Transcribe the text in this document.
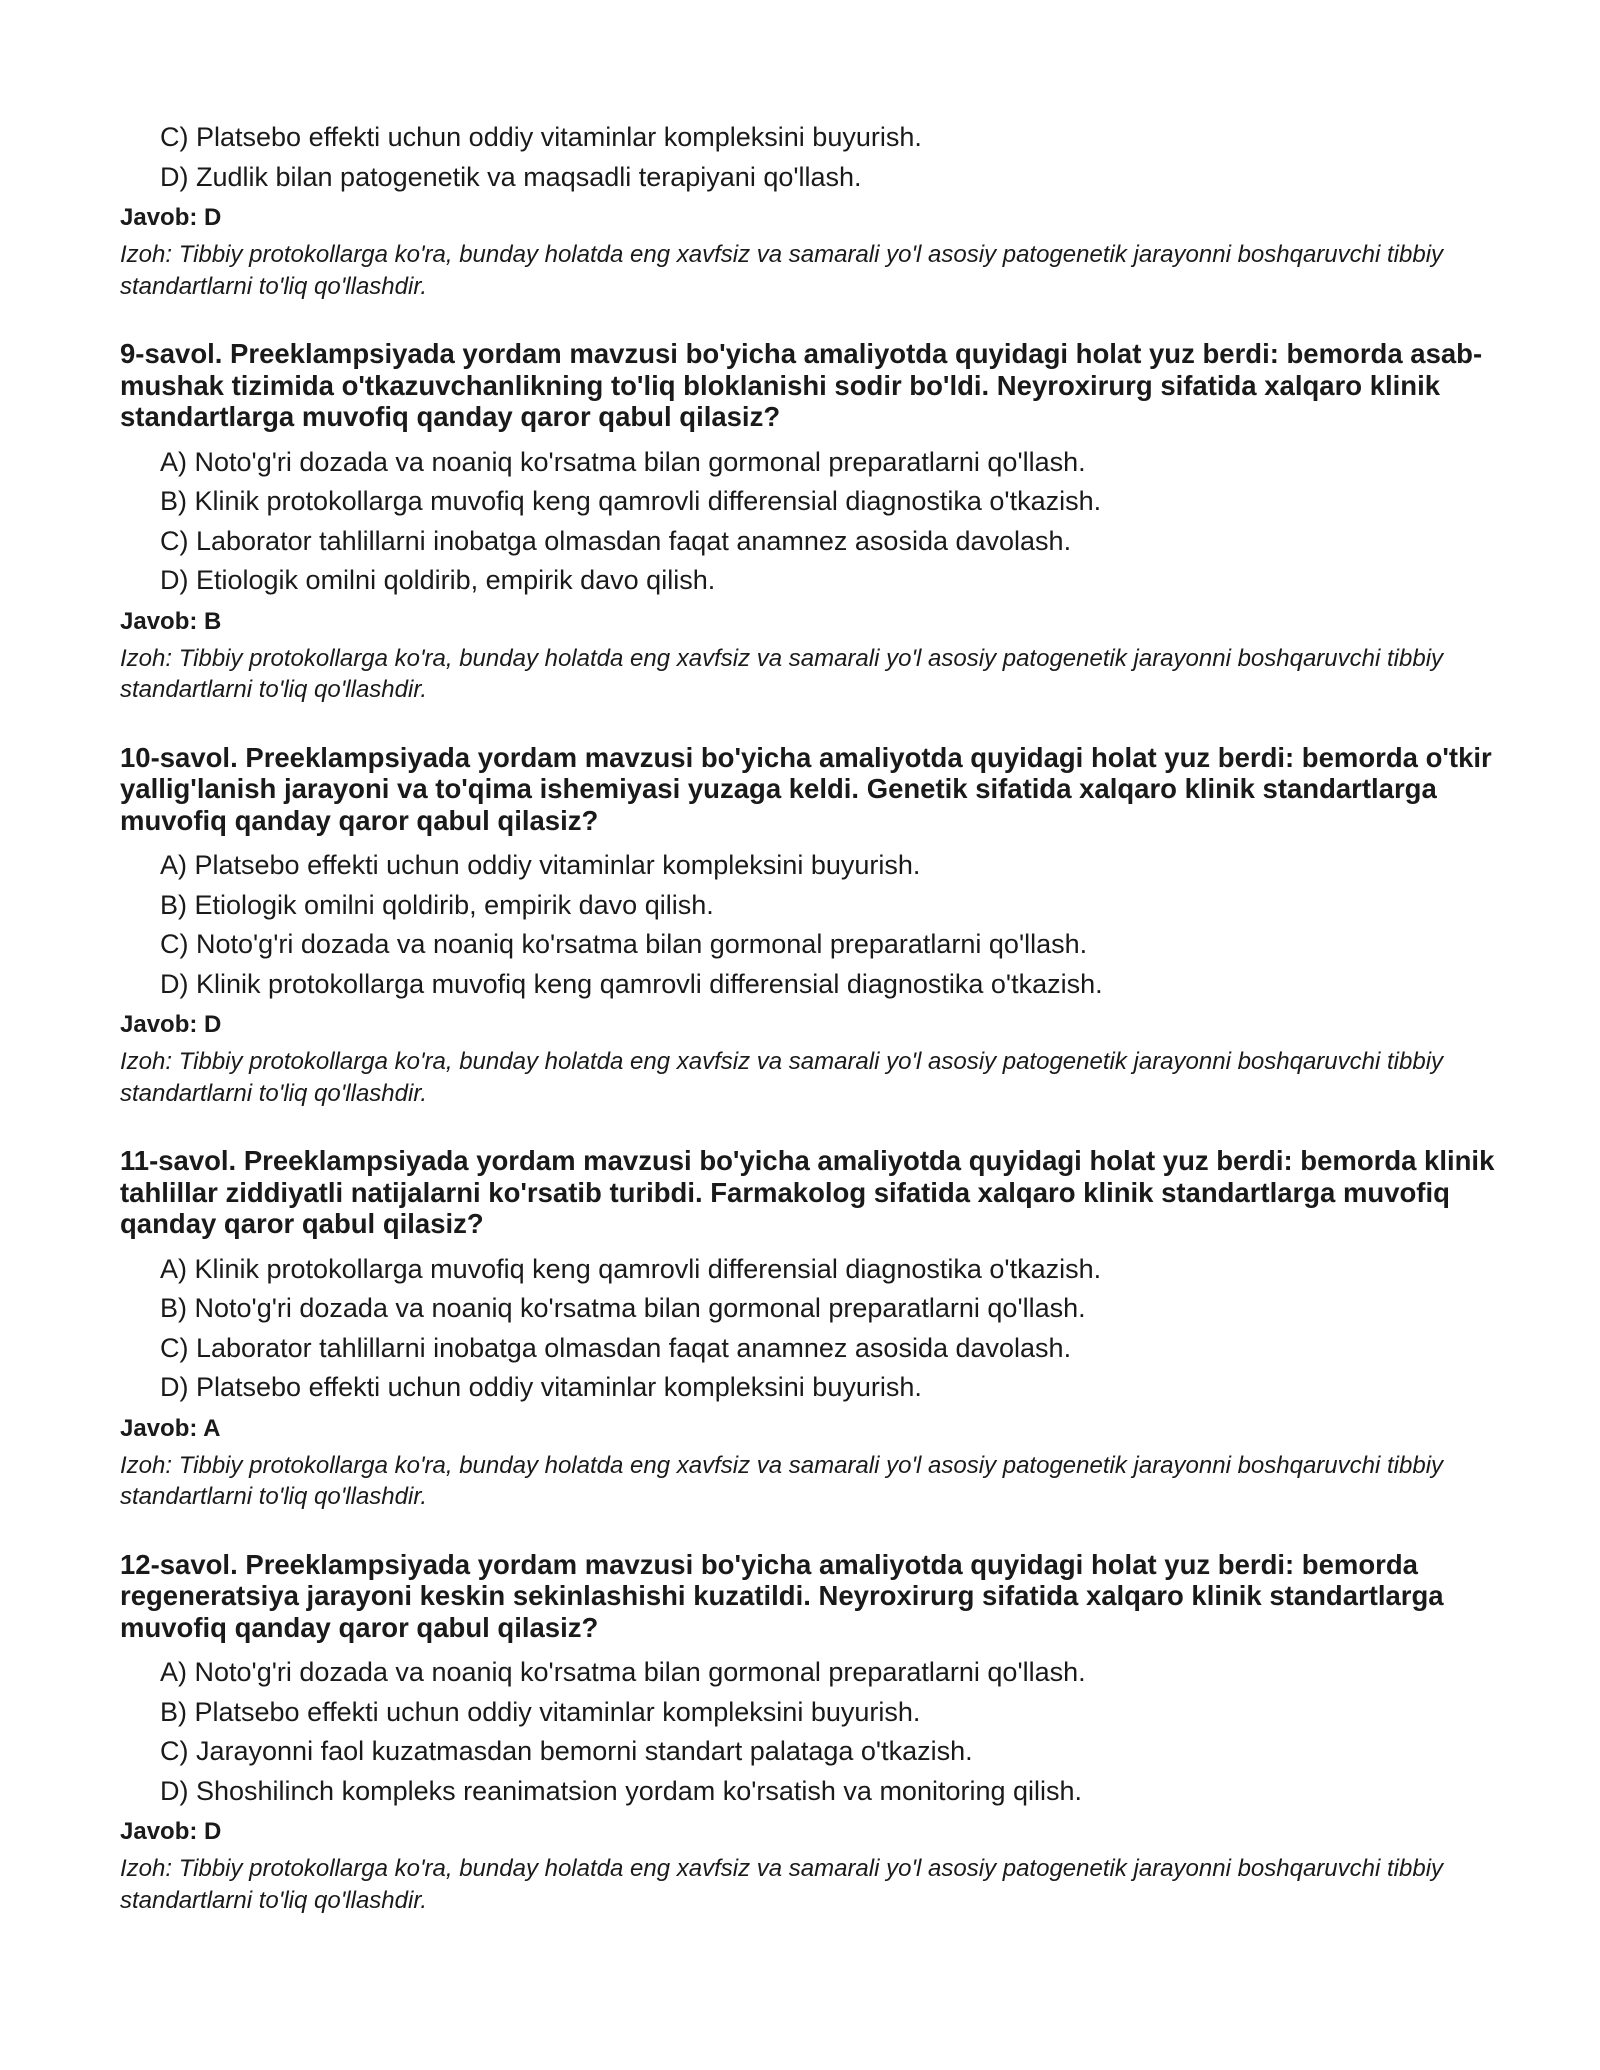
C) Platsebo effekti uchun oddiy vitaminlar kompleksini buyurish.
D) Zudlik bilan patogenetik va maqsadli terapiyani qo'llash.
Javob: D
Izoh: Tibbiy protokollarga ko'ra, bunday holatda eng xavfsiz va samarali yo'l asosiy patogenetik jarayonni boshqaruvchi tibbiy standartlarni to'liq qo'llashdir.
9-savol. Preeklampsiyada yordam mavzusi bo'yicha amaliyotda quyidagi holat yuz berdi: bemorda asab-mushak tizimida o'tkazuvchanlikning to'liq bloklanishi sodir bo'ldi. Neyroxirurg sifatida xalqaro klinik standartlarga muvofiq qanday qaror qabul qilasiz?
A) Noto'g'ri dozada va noaniq ko'rsatma bilan gormonal preparatlarni qo'llash.
B) Klinik protokollarga muvofiq keng qamrovli differensial diagnostika o'tkazish.
C) Laborator tahlillarni inobatga olmasdan faqat anamnez asosida davolash.
D) Etiologik omilni qoldirib, empirik davo qilish.
Javob: B
Izoh: Tibbiy protokollarga ko'ra, bunday holatda eng xavfsiz va samarali yo'l asosiy patogenetik jarayonni boshqaruvchi tibbiy standartlarni to'liq qo'llashdir.
10-savol. Preeklampsiyada yordam mavzusi bo'yicha amaliyotda quyidagi holat yuz berdi: bemorda o'tkir yallig'lanish jarayoni va to'qima ishemiyasi yuzaga keldi. Genetik sifatida xalqaro klinik standartlarga muvofiq qanday qaror qabul qilasiz?
A) Platsebo effekti uchun oddiy vitaminlar kompleksini buyurish.
B) Etiologik omilni qoldirib, empirik davo qilish.
C) Noto'g'ri dozada va noaniq ko'rsatma bilan gormonal preparatlarni qo'llash.
D) Klinik protokollarga muvofiq keng qamrovli differensial diagnostika o'tkazish.
Javob: D
Izoh: Tibbiy protokollarga ko'ra, bunday holatda eng xavfsiz va samarali yo'l asosiy patogenetik jarayonni boshqaruvchi tibbiy standartlarni to'liq qo'llashdir.
11-savol. Preeklampsiyada yordam mavzusi bo'yicha amaliyotda quyidagi holat yuz berdi: bemorda klinik tahlillar ziddiyatli natijalarni ko'rsatib turibdi. Farmakolog sifatida xalqaro klinik standartlarga muvofiq qanday qaror qabul qilasiz?
A) Klinik protokollarga muvofiq keng qamrovli differensial diagnostika o'tkazish.
B) Noto'g'ri dozada va noaniq ko'rsatma bilan gormonal preparatlarni qo'llash.
C) Laborator tahlillarni inobatga olmasdan faqat anamnez asosida davolash.
D) Platsebo effekti uchun oddiy vitaminlar kompleksini buyurish.
Javob: A
Izoh: Tibbiy protokollarga ko'ra, bunday holatda eng xavfsiz va samarali yo'l asosiy patogenetik jarayonni boshqaruvchi tibbiy standartlarni to'liq qo'llashdir.
12-savol. Preeklampsiyada yordam mavzusi bo'yicha amaliyotda quyidagi holat yuz berdi: bemorda regeneratsiya jarayoni keskin sekinlashishi kuzatildi. Neyroxirurg sifatida xalqaro klinik standartlarga muvofiq qanday qaror qabul qilasiz?
A) Noto'g'ri dozada va noaniq ko'rsatma bilan gormonal preparatlarni qo'llash.
B) Platsebo effekti uchun oddiy vitaminlar kompleksini buyurish.
C) Jarayonni faol kuzatmasdan bemorni standart palataga o'tkazish.
D) Shoshilinch kompleks reanimatsion yordam ko'rsatish va monitoring qilish.
Javob: D
Izoh: Tibbiy protokollarga ko'ra, bunday holatda eng xavfsiz va samarali yo'l asosiy patogenetik jarayonni boshqaruvchi tibbiy standartlarni to'liq qo'llashdir.
